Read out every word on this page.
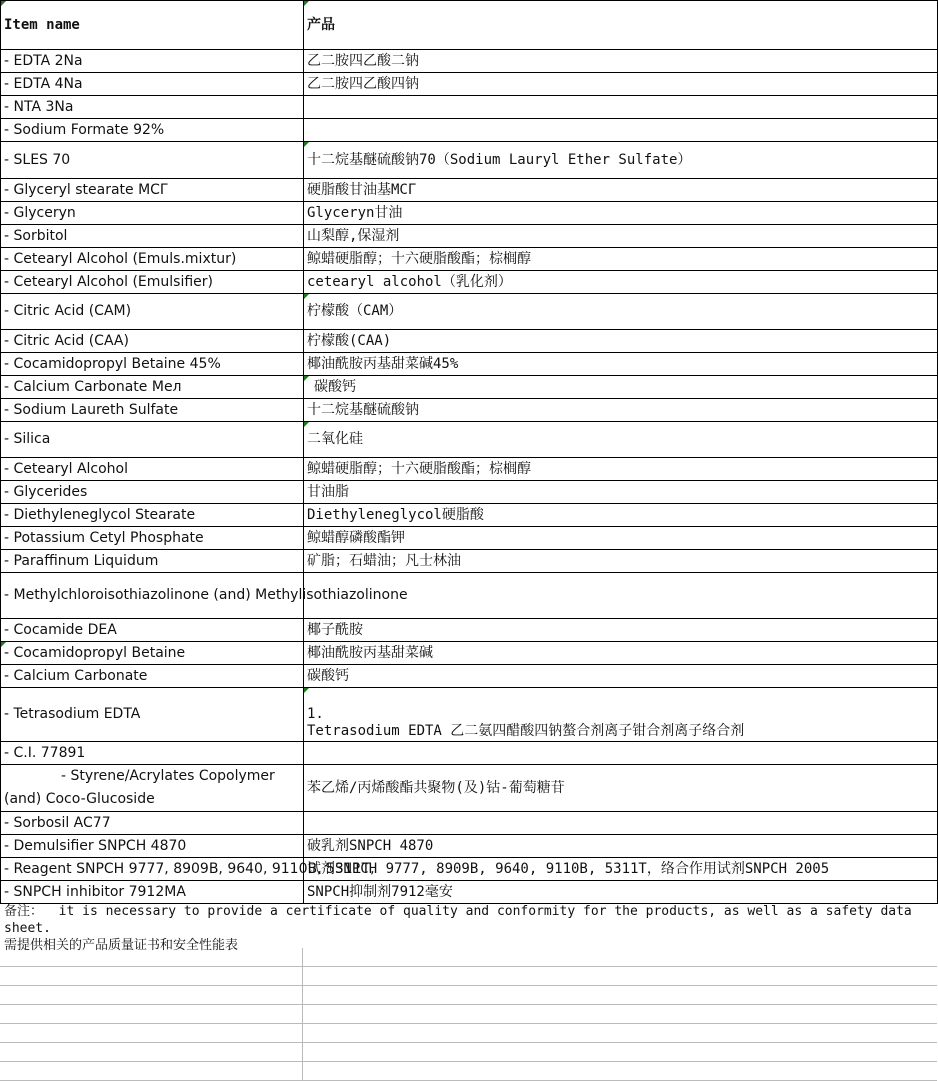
Item name	产品
- EDTA 2Na	乙二胺四乙酸二钠
- EDTA 4Na	乙二胺四乙酸四钠
- NTA 3Na	
- Sodium Formate 92%	
- SLES 70	十二烷基醚硫酸钠70（Sodium Lauryl Ether Sulfate）
- Glyceryl stearate МСГ	硬脂酸甘油基МСГ
- Glyceryn	Glyceryn甘油
- Sorbitol	山梨醇,保湿剂
- Cetearyl Alcohol (Emuls.mixtur)	鲸蜡硬脂醇；十六硬脂酸酯；棕榈醇
- Cetearyl Alcohol (Emulsifier)	cetearyl alcohol（乳化剂）
- Citric Acid (CAM)	柠檬酸（CAM）
- Citric Acid (CAA)	柠檬酸(CAA)
- Cocamidopropyl Betaine 45%	椰油酰胺丙基甜菜碱45%
- Calcium Carbonate Мел	碳酸钙
- Sodium Laureth Sulfate	十二烷基醚硫酸钠
- Silica	二氧化硅
- Cetearyl Alcohol	鲸蜡硬脂醇；十六硬脂酸酯；棕榈醇
- Glycerides	甘油脂
- Diethyleneglycol Stearate	Diethyleneglycol硬脂酸
- Potassium Cetyl Phosphate	鲸蜡醇磷酸酯钾
- Paraffinum Liquidum	矿脂；石蜡油；凡士林油
- Methylchloroisothiazolinone (and) Methylisothiazolinone	
- Cocamide DEA	椰子酰胺
- Cocamidopropyl Betaine	椰油酰胺丙基甜菜碱
- Calcium Carbonate	碳酸钙
- Tetrasodium EDTA	1.
Tetrasodium EDTA 乙二氨四醋酸四钠螯合剂离子钳合剂离子络合剂

- C.I. 77891	

- Styrene/Acrylates Copolymer
(and) Coco-Glucoside	苯乙烯/丙烯酸酯共聚物(及)钴-葡萄糖苷
- Sorbosil AC77	
- Demulsifier SNPCH 4870	破乳剂SNPCH 4870
- Reagent SNPCH 9777, 8909B, 9640, 9110B, 5311T,	试剂SNPCH 9777, 8909B, 9640, 9110B, 5311T，络合作用试剂SNPCH 2005
- SNPCH inhibitor 7912MA	SNPCH抑制剂7912毫安
备注：  it is necessary to provide a certificate of quality and conformity for the products, as well as a safety data sheet.
需提供相关的产品质量证书和安全性能表
